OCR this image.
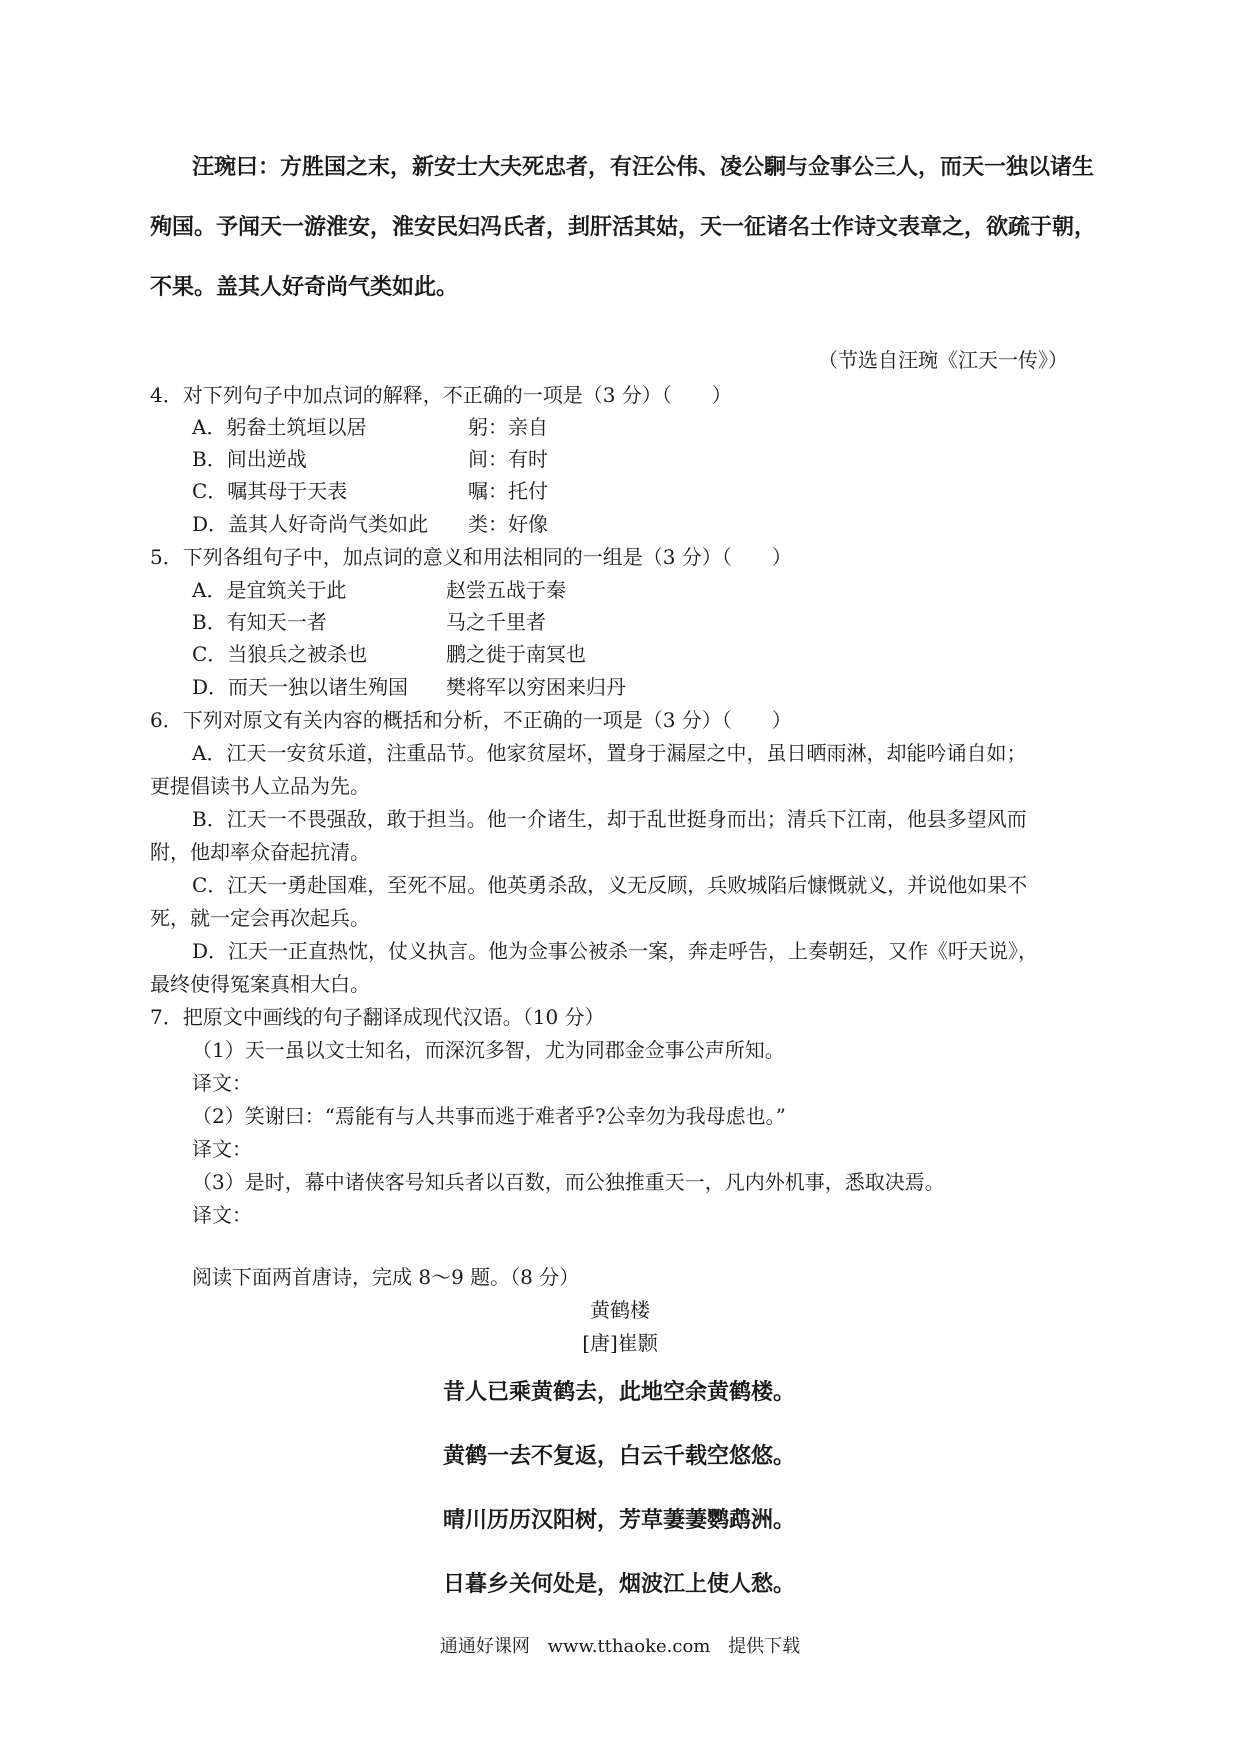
汪琬曰：方胜国之末，新安士大夫死忠者，有汪公伟、凌公駉与佥事公三人，而天一独以诸生
殉国。予闻天一游淮安，淮安民妇冯氏者，刲肝活其姑，天一征诸名士作诗文表章之，欲疏于朝，
不果。盖其人好奇尚气类如此。
（节选自汪琬《江天一传》）
4．对下列句子中加点词的解释，不正确的一项是（3 分）（　　）
A．躬畚土筑垣以居	躬：亲自
B．间出逆战	间：有时
C．嘱其母于天表	嘱：托付
D．盖其人好奇尚气类如此 类：好像
5．下列各组句子中，加点词的意义和用法相同的一组是（3 分）（　　）
A．是宜筑关于此	赵尝五战于秦
B．有知天一者	马之千里者
C．当狼兵之被杀也	鹏之徙于南冥也
D．而天一独以诸生殉国 樊将军以穷困来归丹
6．下列对原文有关内容的概括和分析，不正确的一项是（3 分）（　　）
A．江天一安贫乐道，注重品节。他家贫屋坏，置身于漏屋之中，虽日晒雨淋，却能吟诵自如；
更提倡读书人立品为先。
B．江天一不畏强敌，敢于担当。他一介诸生，却于乱世挺身而出；清兵下江南，他县多望风而
附，他却率众奋起抗清。
C．江天一勇赴国难，至死不屈。他英勇杀敌，义无反顾，兵败城陷后慷慨就义，并说他如果不
死，就一定会再次起兵。
D．江天一正直热忱，仗义执言。他为佥事公被杀一案，奔走呼告，上奏朝廷，又作《吁天说》，
最终使得冤案真相大白。
7．把原文中画线的句子翻译成现代汉语。（10 分）
（1）天一虽以文士知名，而深沉多智，尤为同郡金佥事公声所知。
译文：
（2）笑谢曰：“焉能有与人共事而逃于难者乎?公幸勿为我母虑也。”
译文：
（3）是时，幕中诸侠客号知兵者以百数，而公独推重天一，凡内外机事，悉取决焉。
译文：
阅读下面两首唐诗，完成 8～9 题。（8 分）
黄鹤楼
[唐]崔颢
昔人已乘黄鹤去，此地空余黄鹤楼。
黄鹤一去不复返，白云千载空悠悠。
晴川历历汉阳树，芳草萋萋鹦鹉洲。
日暮乡关何处是，烟波江上使人愁。
通通好课网 www.tthaoke.com 提供下载
